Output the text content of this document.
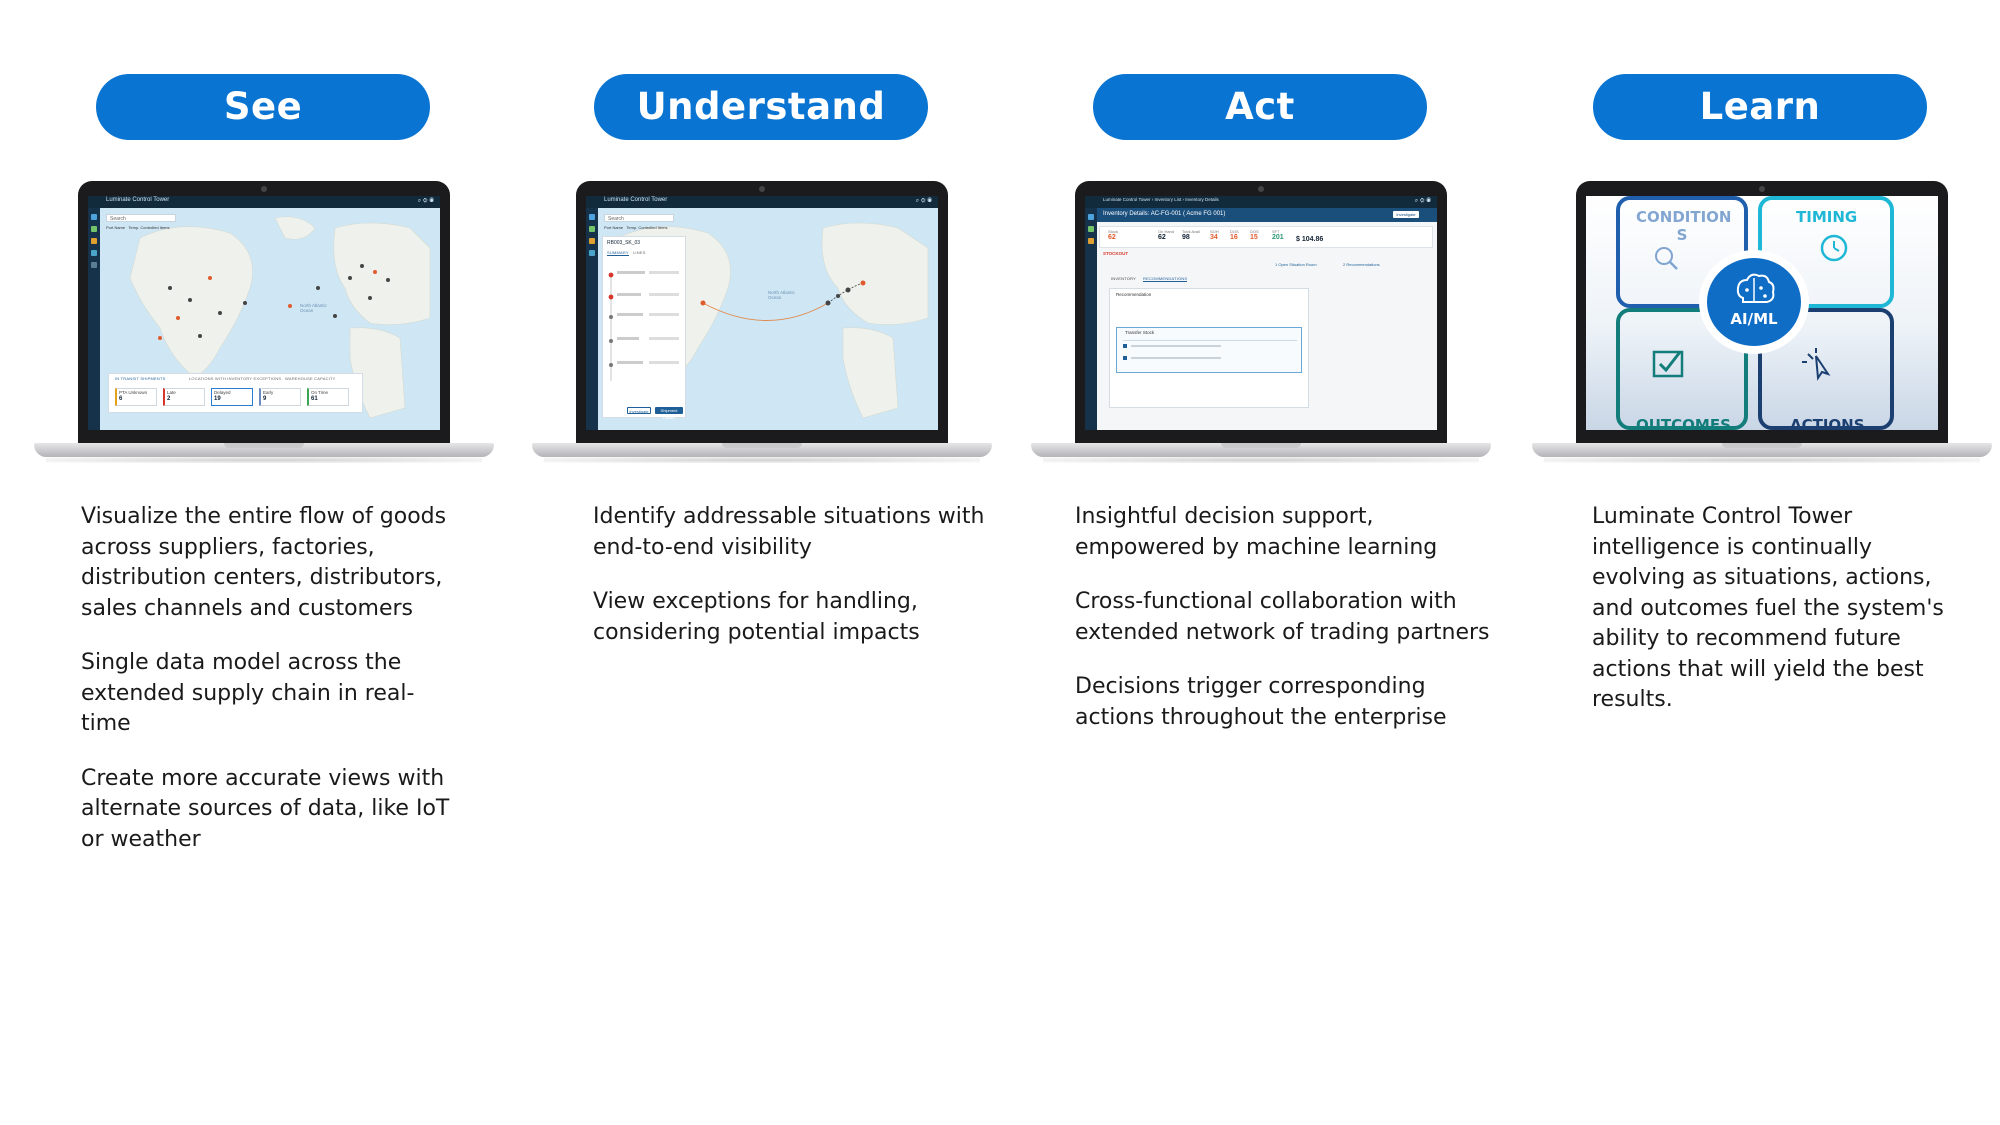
See
North Atlantic Ocean
Search
Port Name Temp. Controlled Items
IN TRANSIT SHIPMENTS	LOCATIONS WITH INVENTORY EXCEPTIONS WAREHOUSE CAPACITY
PTA Unknown
6
Late
2
Delayed
19
Early
9
On Time
61
Luminate Control Tower	⌕ ⚙ ◉

Visualize the entire flow of goods across suppliers, factories, distribution centers, distributors, sales channels and customers

Single data model across the extended supply chain in real-time

Create more accurate views with alternate sources of data, like IoT or weather

Understand
North Atlantic Ocean
Search
Port Name Temp. Controlled Items
RB003_SK_03
SUMMARY LINES
Investigate	Shipment Details
Luminate Control Tower	⌕ ⚙ ◉

Identify addressable situations with end-to-end visibility

View exceptions for handling, considering potential impacts

Act
Luminate Control Tower › Inventory List › Inventory Details	⌕ ⚙ ◉
Inventory Details: AC-FG-001 ( Acme FG 001)	Investigate
Stock
62
On Hand
62
Total Avail
98
SOH
34
DOS
16
DOS
15
SFT
201 $ 104.86
STOCKOUT
1 Open Situation Room	2 Recommendations
INVENTORY RECOMMENDATIONS
Recommendation
Transfer Stock

Insightful decision support, empowered by machine learning

Cross-functional collaboration with extended network of trading partners

Decisions trigger corresponding actions throughout the enterprise

Learn
CONDITION S
TIMING
OUTCOMES	ACTIONS
AI/ML

Luminate Control Tower intelligence is continually evolving as situations, actions, and outcomes fuel the system's ability to recommend future actions that will yield the best results.
